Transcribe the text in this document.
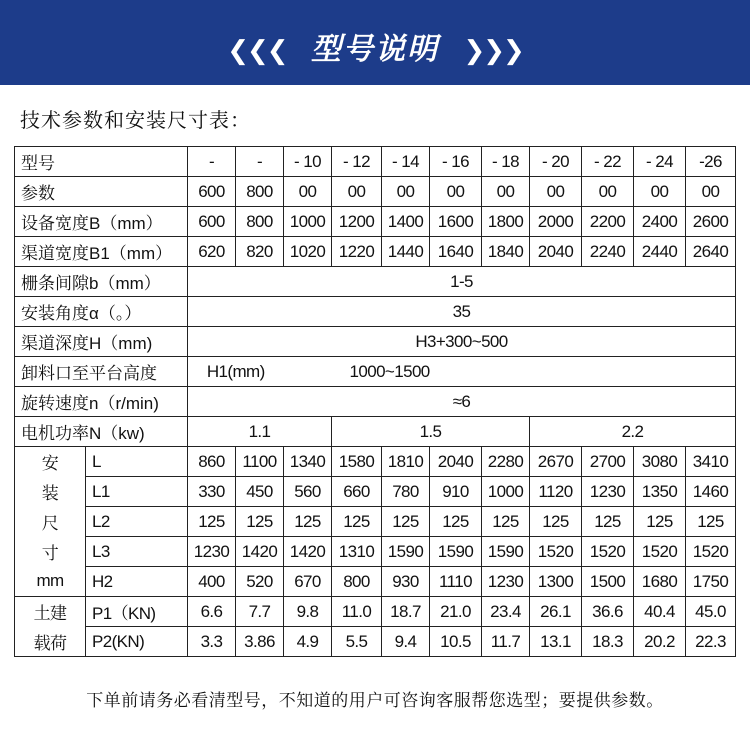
❮❮❮ 型号说明 ❯❯❯
技术参数和安装尺寸表：
型号		-	-	- 10	- 12	- 14	- 16	- 18	- 20	- 22	- 24	-26
参数		600	800	00	00	00	00	00	00	00	00	00
设备宽度B（mm）		600	800	1000	1200	1400	1600	1800	2000	2200	2400	2600
渠道宽度B1（mm）		620	820	1020	1220	1440	1640	1840	2040	2240	2440	2640
栅条间隙b（mm）		1-5										
安装角度α（。）		35										
渠道深度H（mm)		H3+300~500										
卸料口至平台高度		H1(mm)		1000~1500								
旋转速度n（r/min)		≈6										
电机功率N（kw)		1.1			1.5				2.2			
安	L	860	1100	1340	1580	1810	2040	2280	2670	2700	3080	3410
装	L1	330	450	560	660	780	910	1000	1120	1230	1350	1460
尺	L2	125	125	125	125	125	125	125	125	125	125	125
寸	L3	1230	1420	1420	1310	1590	1590	1590	1520	1520	1520	1520
mm	H2	400	520	670	800	930	1110	1230	1300	1500	1680	1750
土建	P1（KN)	6.6	7.7	9.8	11.0	18.7	21.0	23.4	26.1	36.6	40.4	45.0
载荷	P2(KN)	3.3	3.86	4.9	5.5	9.4	10.5	11.7	13.1	18.3	20.2	22.3
下单前请务必看清型号，不知道的用户可咨询客服帮您选型；要提供参数。
